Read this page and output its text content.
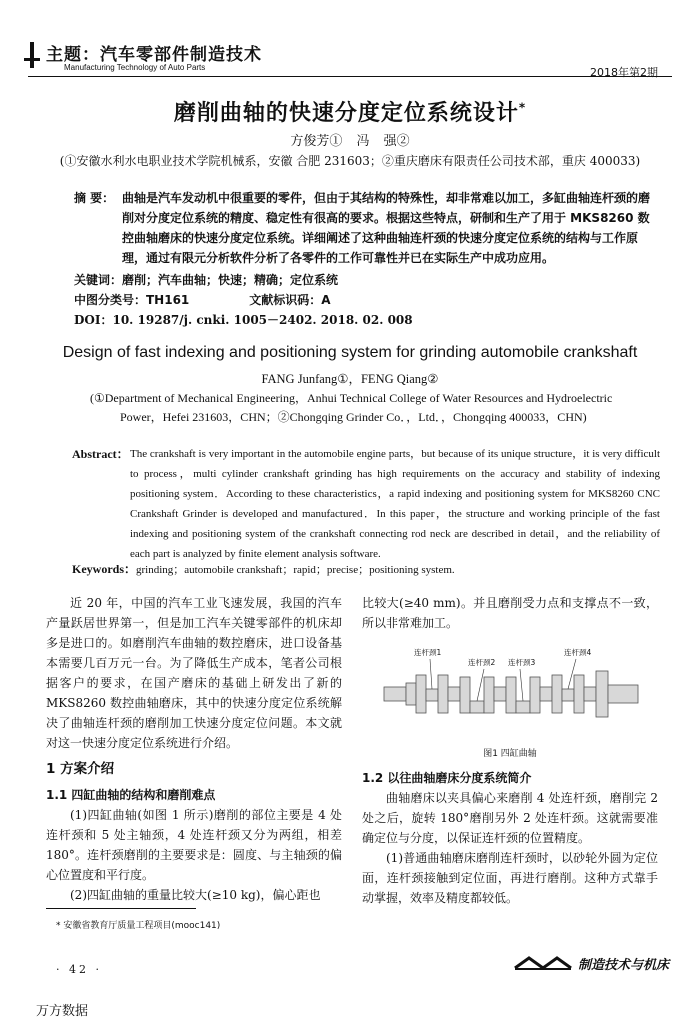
主题：汽车零部件制造技术
Manufacturing Technology of Auto Parts	2018年第2期
磨削曲轴的快速分度定位系统设计*
方俊芳① 冯 强②
(①安徽水利水电职业技术学院机械系，安徽 合肥 231603；②重庆磨床有限责任公司技术部，重庆 400033)
摘 要： 曲轴是汽车发动机中很重要的零件，但由于其结构的特殊性，却非常难以加工，多缸曲轴连杆颈的磨削对分度定位系统的精度、稳定性有很高的要求。根据这些特点，研制和生产了用于 MKS8260 数控曲轴磨床的快速分度定位系统。详细阐述了这种曲轴连杆颈的快速分度定位系统的结构与工作原理，通过有限元分析软件分析了各零件的工作可靠性并已在实际生产中成功应用。
关键词：磨削；汽车曲轴；快速；精确；定位系统
中图分类号：TH161	文献标识码：A
DOI：10. 19287/j. cnki. 1005－2402. 2018. 02. 008
Design of fast indexing and positioning system for grinding automobile crankshaft
FANG Junfang①，FENG Qiang②
(①Department of Mechanical Engineering，Anhui Technical College of Water Resources and Hydroelectric
Power，Hefei 231603，CHN；②Chongqing Grinder Co．，Ltd．，Chongqing 400033，CHN)
Abstract： The crankshaft is very important in the automobile engine parts，but because of its unique structure，it is very difficult to process，multi cylinder crankshaft grinding has high requirements on the accuracy and stability of indexing positioning system．According to these characteristics，a rapid indexing and positioning system for MKS8260 CNC Crankshaft Grinder is developed and manufactured．In this paper，the structure and working principle of the fast indexing and positioning system of the crankshaft connecting rod neck are described in detail，and the reliability of each part is analyzed by finite element analysis software.
Keywords：grinding；automobile crankshaft；rapid；precise；positioning system.
近 20 年，中国的汽车工业飞速发展，我国的汽车产量跃居世界第一，但是加工汽车关键零部件的机床却多是进口的。如磨削汽车曲轴的数控磨床，进口设备基本需要几百万元一台。为了降低生产成本，笔者公司根据客户的要求，在国产磨床的基础上研发出了新的 MKS8260 数控曲轴磨床，其中的快速分度定位系统解决了曲轴连杆颈的磨削加工快速分度定位问题。本文就对这一快速分度定位系统进行介绍。
1 方案介绍
1.1 四缸曲轴的结构和磨削难点
(1)四缸曲轴(如图 1 所示)磨削的部位主要是 4 处连杆颈和 5 处主轴颈，4 处连杆颈又分为两组，相差 180°。连杆颈磨削的主要要求是：圆度、与主轴颈的偏心位置度和平行度。
(2)四缸曲轴的重量比较大(≥10 kg)，偏心距也
比较大(≥40 mm)。并且磨削受力点和支撑点不一致，所以非常难加工。
连杆颈1
连杆颈2 连杆颈3
连杆颈4
图1 四缸曲轴
1.2 以往曲轴磨床分度系统简介
曲轴磨床以夹具偏心来磨削 4 处连杆颈，磨削完 2 处之后，旋转 180°磨削另外 2 处连杆颈。这就需要准确定位与分度，以保证连杆颈的位置精度。
(1)普通曲轴磨床磨削连杆颈时，以砂轮外圆为定位面，连杆颈接触到定位面，再进行磨削。这种方式靠手动掌握，效率及精度都较低。
* 安徽省教育厅质量工程项目(mooc141)
· 42 ·	制造技术与机床
万方数据
